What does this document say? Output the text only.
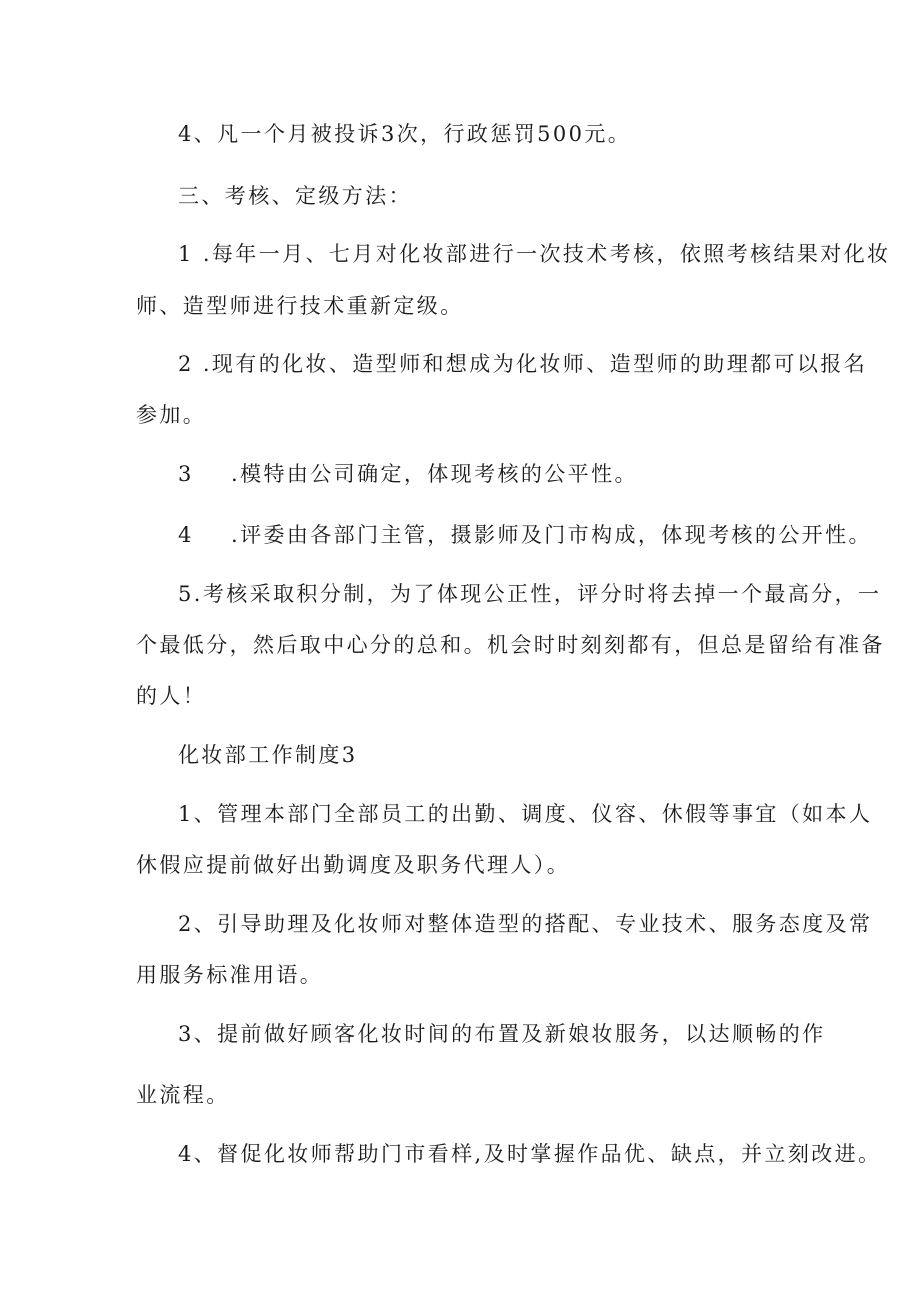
4、凡一个月被投诉3次，行政惩罚500元。
三、考核、定级方法：
1 .每年一月、七月对化妆部进行一次技术考核，依照考核结果对化妆
师、造型师进行技术重新定级。
2 .现有的化妆、造型师和想成为化妆师、造型师的助理都可以报名
参加。
3 .模特由公司确定，体现考核的公平性。
4 .评委由各部门主管，摄影师及门市构成，体现考核的公开性。
5.考核采取积分制，为了体现公正性，评分时将去掉一个最高分，一
个最低分，然后取中心分的总和。机会时时刻刻都有，但总是留给有准备
的人！
化妆部工作制度3
1、管理本部门全部员工的出勤、调度、仪容、休假等事宜（如本人
休假应提前做好出勤调度及职务代理人）。
2、引导助理及化妆师对整体造型的搭配、专业技术、服务态度及常
用服务标准用语。
3、提前做好顾客化妆时间的布置及新娘妆服务，以达顺畅的作
业流程。
4、督促化妆师帮助门市看样,及时掌握作品优、缺点，并立刻改进。
